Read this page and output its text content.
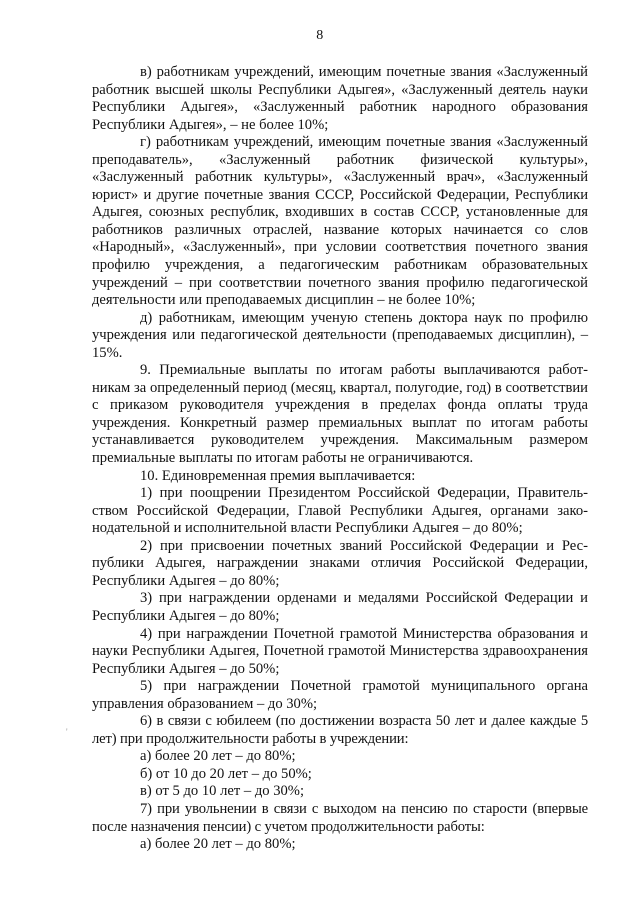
8

в) работникам учреждений, имеющим почетные звания «Заслуженный работник высшей школы Республики Адыгея», «Заслуженный деятель науки Республики Адыгея», «Заслуженный работник народного образования Республики Адыгея», – не более 10%;

г) работникам учреждений, имеющим почетные звания «Заслуженный преподаватель», «Заслуженный работник физической культуры», «Заслуженный работник культуры», «Заслуженный врач», «Заслуженный юрист» и другие почетные звания СССР, Российской Федерации, Республики Адыгея, союзных республик, входивших в состав СССР, установленные для работников различных отраслей, название которых начинается со слов «Народный», «Заслуженный», при условии соответствия почетного звания профилю учреждения, а педагогическим работникам образовательных учреждений – при соответствии почетного звания профилю педагогической деятельности или преподаваемых дисциплин – не более 10%;

д) работникам, имеющим ученую степень доктора наук по профилю учреждения или педагогической деятельности (преподаваемых дисциплин), – 15%.

9. Премиальные выплаты по итогам работы выплачиваются работникам за определенный период (месяц, квартал, полугодие, год) в соответствии с приказом руководителя учреждения в пределах фонда оплаты труда учреждения. Конкретный размер премиальных выплат по итогам работы устанавливается руководителем учреждения. Максимальным размером премиальные выплаты по итогам работы не ограничиваются.

10. Единовременная премия выплачивается:

1) при поощрении Президентом Российской Федерации, Правительством Российской Федерации, Главой Республики Адыгея, органами законодательной и исполнительной власти Республики Адыгея – до 80%;

2) при присвоении почетных званий Российской Федерации и Республики Адыгея, награждении знаками отличия Российской Федерации, Республики Адыгея – до 80%;

3) при награждении орденами и медалями Российской Федерации и Республики Адыгея – до 80%;

4) при награждении Почетной грамотой Министерства образования и науки Республики Адыгея, Почетной грамотой Министерства здравоохранения Республики Адыгея – до 50%;

5) при награждении Почетной грамотой муниципального органа управления образованием – до 30%;

6) в связи с юбилеем (по достижении возраста 50 лет и далее каждые 5 лет) при продолжительности работы в учреждении:

а) более 20 лет – до 80%;

б) от 10 до 20 лет – до 50%;

в) от 5 до 10 лет – до 30%;

7) при увольнении в связи с выходом на пенсию по старости (впервые после назначения пенсии) с учетом продолжительности работы:

а) более 20 лет – до 80%;

'
